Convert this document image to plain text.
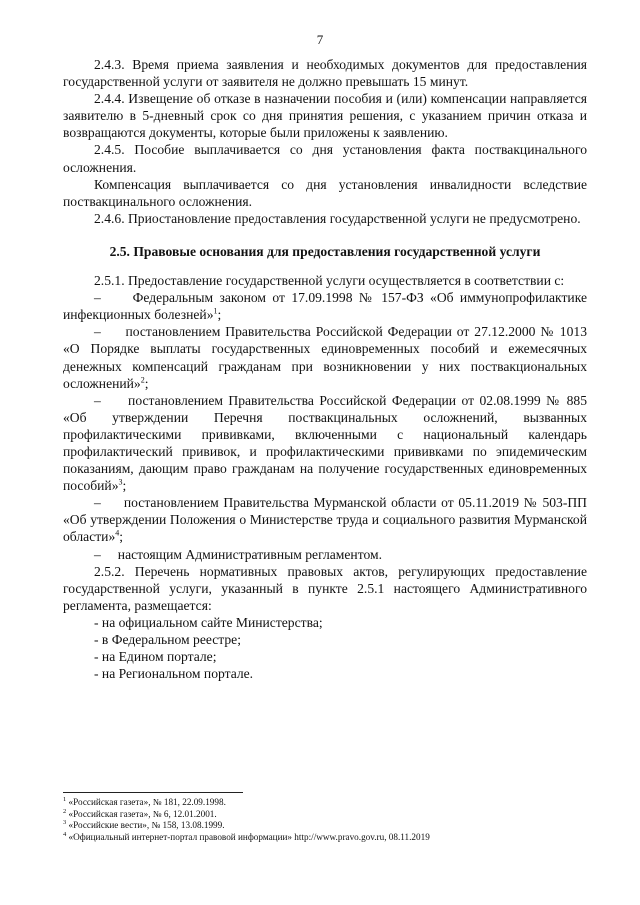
7

2.4.3. Время приема заявления и необходимых документов для предоставления государственной услуги от заявителя не должно превышать 15 минут.

2.4.4. Извещение об отказе в назначении пособия и (или) компенсации направляется заявителю в 5-дневный срок со дня принятия решения, с указанием причин отказа и возвращаются документы, которые были приложены к заявлению.

2.4.5. Пособие выплачивается со дня установления факта поствакцинального осложнения.

Компенсация выплачивается со дня установления инвалидности вследствие поствакцинального осложнения.

2.4.6. Приостановление предоставления государственной услуги не предусмотрено.

2.5. Правовые основания для предоставления государственной услуги

2.5.1. Предоставление государственной услуги осуществляется в соответствии с:

–     Федеральным законом от 17.09.1998 № 157-ФЗ «Об иммунопрофилактике инфекционных болезней»$^1$;

–     постановлением Правительства Российской Федерации от 27.12.2000 № 1013 «О Порядке выплаты государственных единовременных пособий и ежемесячных денежных компенсаций гражданам при возникновении у них поствакциональных осложнений»$^2$;

–     постановлением Правительства Российской Федерации от 02.08.1999 № 885 «Об утверждении Перечня поствакцинальных осложнений, вызванных профилактическими прививками, включенными с национальный календарь профилактический прививок, и профилактическими прививками по эпидемическим показаниям, дающим право гражданам на получение государственных единовременных пособий»$^3$;

–     постановлением Правительства Мурманской области от 05.11.2019 № 503-ПП «Об утверждении Положения о Министерстве труда и социального развития Мурманской области»$^4$;

–     настоящим Административным регламентом.

2.5.2. Перечень нормативных правовых актов, регулирующих предоставление государственной услуги, указанный в пункте 2.5.1 настоящего Административного регламента, размещается:

- на официальном сайте Министерства;

- в Федеральном реестре;

- на Едином портале;

- на Региональном портале.

$^1$ «Российская газета», № 181, 22.09.1998.
$^2$ «Российская газета», № 6, 12.01.2001.
$^3$ «Российские вести», № 158, 13.08.1999.
$^4$ «Официальный интернет-портал правовой информации» http://www.pravo.gov.ru, 08.11.2019
